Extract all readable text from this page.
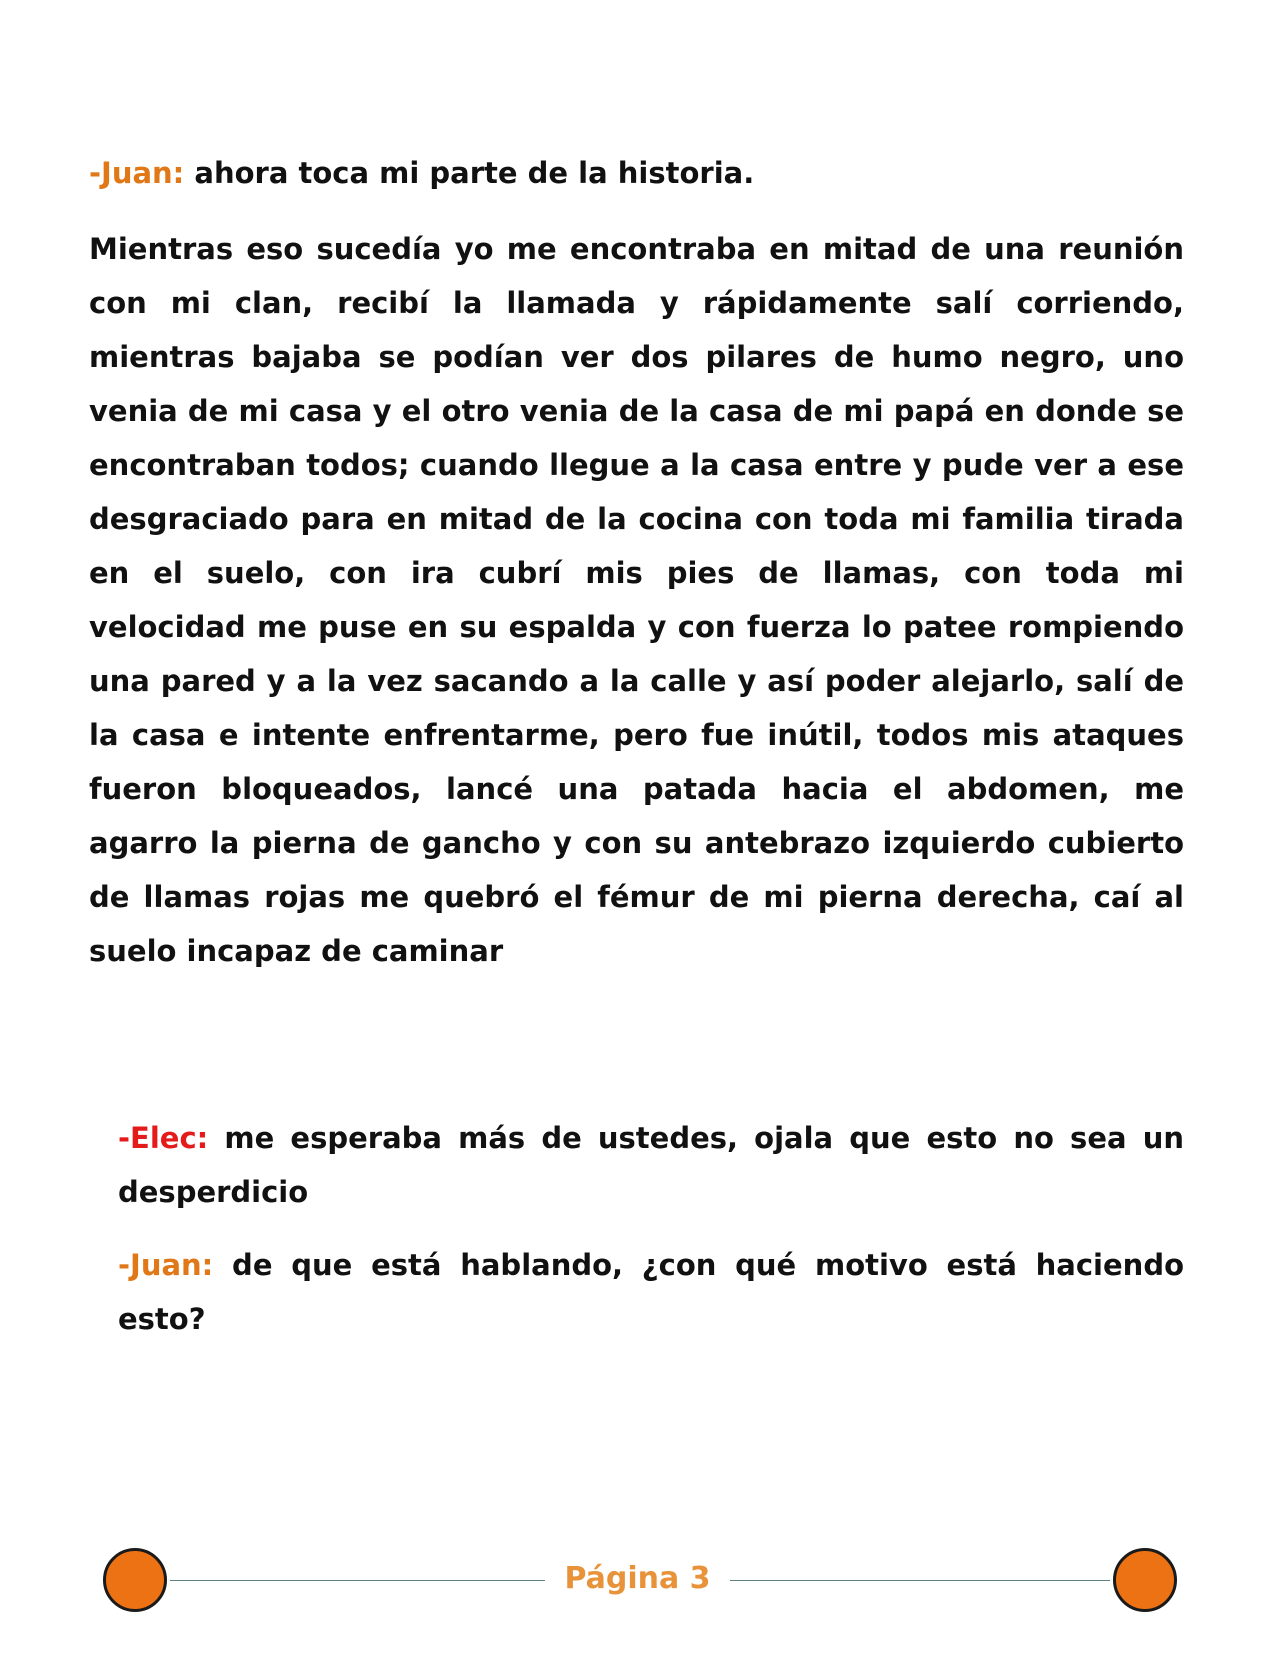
-Juan: ahora toca mi parte de la historia.

Mientras eso sucedía yo me encontraba en mitad de una reunión con mi clan, recibí la llamada y rápidamente salí corriendo, mientras bajaba se podían ver dos pilares de humo negro, uno venia de mi casa y el otro venia de la casa de mi papá en donde se encontraban todos; cuando llegue a la casa entre y pude ver a ese desgraciado para en mitad de la cocina con toda mi familia tirada en el suelo, con ira cubrí mis pies de llamas, con toda mi velocidad me puse en su espalda y con fuerza lo patee rompiendo una pared y a la vez sacando a la calle y así poder alejarlo, salí de la casa e intente enfrentarme, pero fue inútil, todos mis ataques fueron bloqueados, lancé una patada hacia el abdomen, me agarro la pierna de gancho y con su antebrazo izquierdo cubierto de llamas rojas me quebró el fémur de mi pierna derecha, caí al suelo incapaz de caminar

-Elec: me esperaba más de ustedes, ojala que esto no sea un desperdicio

-Juan: de que está hablando, ¿con qué motivo está haciendo esto?

Página 3
